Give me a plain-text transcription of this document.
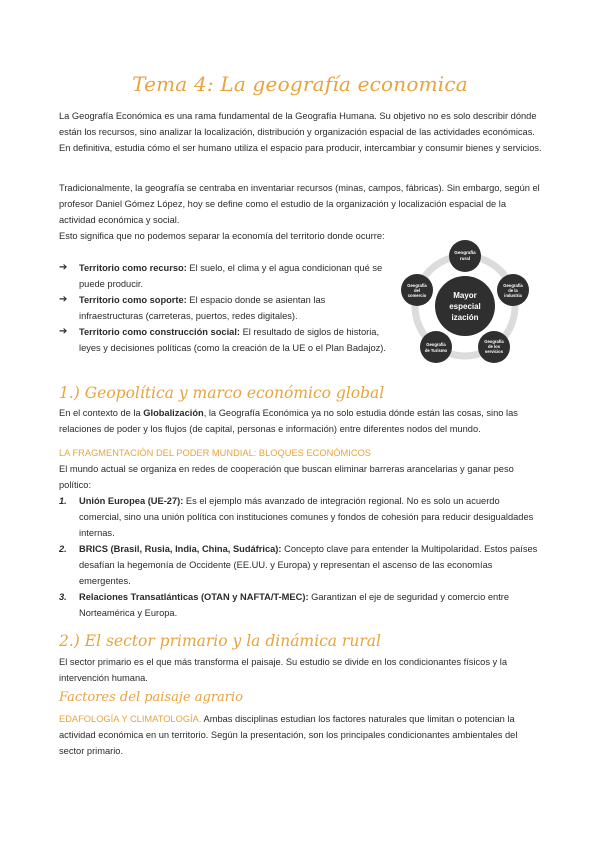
Tema 4: La geografía economica
La Geografía Económica es una rama fundamental de la Geografía Humana. Su objetivo no es solo describir dónde están los recursos, sino analizar la localización, distribución y organización espacial de las actividades económicas. En definitiva, estudia cómo el ser humano utiliza el espacio para producir, intercambiar y consumir bienes y servicios.
Tradicionalmente, la geografía se centraba en inventariar recursos (minas, campos, fábricas). Sin embargo, según el profesor Daniel Gómez López, hoy se define como el estudio de la organización y localización espacial de la actividad económica y social.
Esto significa que no podemos separar la economía del territorio donde ocurre:
➔ Territorio como recurso: El suelo, el clima y el agua condicionan qué se puede producir.
➔ Territorio como soporte: El espacio donde se asientan las infraestructuras (carreteras, puertos, redes digitales).
➔ Territorio como construcción social: El resultado de siglos de historia, leyes y decisiones políticas (como la creación de la UE o el Plan Badajoz).
Mayor
especial
ización
Mayor especial ización
Geografía
rural
Geografía
de la
industria
Geografía
de los
servicios
Geografía
de Turismo
Geografía
del
comercio
1.) Geopolítica y marco económico global
En el contexto de la Globalización, la Geografía Económica ya no solo estudia dónde están las cosas, sino las relaciones de poder y los flujos (de capital, personas e información) entre diferentes nodos del mundo.
LA FRAGMENTACIÓN DEL PODER MUNDIAL: BLOQUES ECONÓMICOS
El mundo actual se organiza en redes de cooperación que buscan eliminar barreras arancelarias y ganar peso político:
1. Unión Europea (UE-27): Es el ejemplo más avanzado de integración regional. No es solo un acuerdo comercial, sino una unión política con instituciones comunes y fondos de cohesión para reducir desigualdades internas.
2. BRICS (Brasil, Rusia, India, China, Sudáfrica): Concepto clave para entender la Multipolaridad. Estos países desafían la hegemonía de Occidente (EE.UU. y Europa) y representan el ascenso de las economías emergentes.
3. Relaciones Transatlánticas (OTAN y NAFTA/T-MEC): Garantizan el eje de seguridad y comercio entre Norteamérica y Europa.
2.) El sector primario y la dinámica rural
El sector primario es el que más transforma el paisaje. Su estudio se divide en los condicionantes físicos y la intervención humana.
Factores del paisaje agrario
EDAFOLOGÍA Y CLIMATOLOGÍA. Ambas disciplinas estudian los factores naturales que limitan o potencian la actividad económica en un territorio. Según la presentación, son los principales condicionantes ambientales del sector primario.
